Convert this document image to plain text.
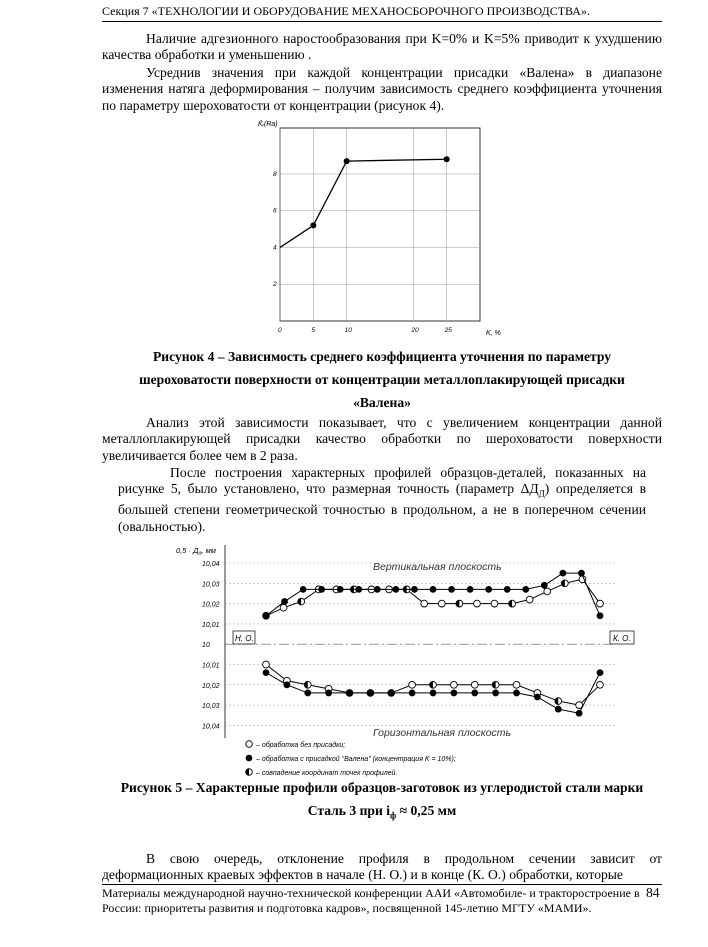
Секция 7 «ТЕХНОЛОГИИ И ОБОРУДОВАНИЕ МЕХАНОСБОРОЧНОГО ПРОИЗВОДСТВА».

Наличие адгезионного наростообразования при K=0% и K=5% приводит к ухудшению качества обработки и уменьшению .

Усреднив значения при каждой концентрации присадки «Валена» в диапазоне изменения натяга деформирования – получим зависимость среднего коэффициента уточнения по параметру шероховатости от концентрации (рисунок 4).

0	5	10	20	25
2
4
6
8
K̄ᵣ(Ra)
K, %
Рисунок 4 – Зависимость среднего коэффициента уточнения по параметру
шероховатости поверхности от концентрации металлоплакирующей присадки
«Валена»

Анализ этой зависимости показывает, что с увеличением концентрации данной металлоплакирующей присадки качество обработки по шероховатости поверхности увеличивается более чем в 2 раза.

После построения характерных профилей образцов-деталей, показанных на рисунке 5, было установлено, что размерная точность (параметр $\Delta Д_Д$) определяется в большей степени геометрической точностью в продольном, а не в поперечном сечении (овальностью).

$0,5 \cdot Д_д$, мм
10,04
10,03
10,02
10,01
10
10,01
10,02
10,03
10,04
Вертикальная плоскость
Горизонтальная плоскость
Н. О.	К. О.
– обработка без присадки;
– обработка с присадкой "Валена" (концентрация K = 10%);
– совпадение координат точек профилей.
Рисунок 5 – Характерные профили образцов-заготовок из углеродистой стали марки
Сталь 3 при $i_ф \approx 0,25$ мм

В свою очередь, отклонение профиля в продольном сечении зависит от деформационных краевых эффектов в начале (Н. О.) и в конце (К. О.) обработки, которые

Материалы международной научно-технической конференции ААИ «Автомобиле- и тракторостроение в России: приоритеты развития и подготовка кадров», посвященной 145-летию МГТУ «МАМИ».

84
